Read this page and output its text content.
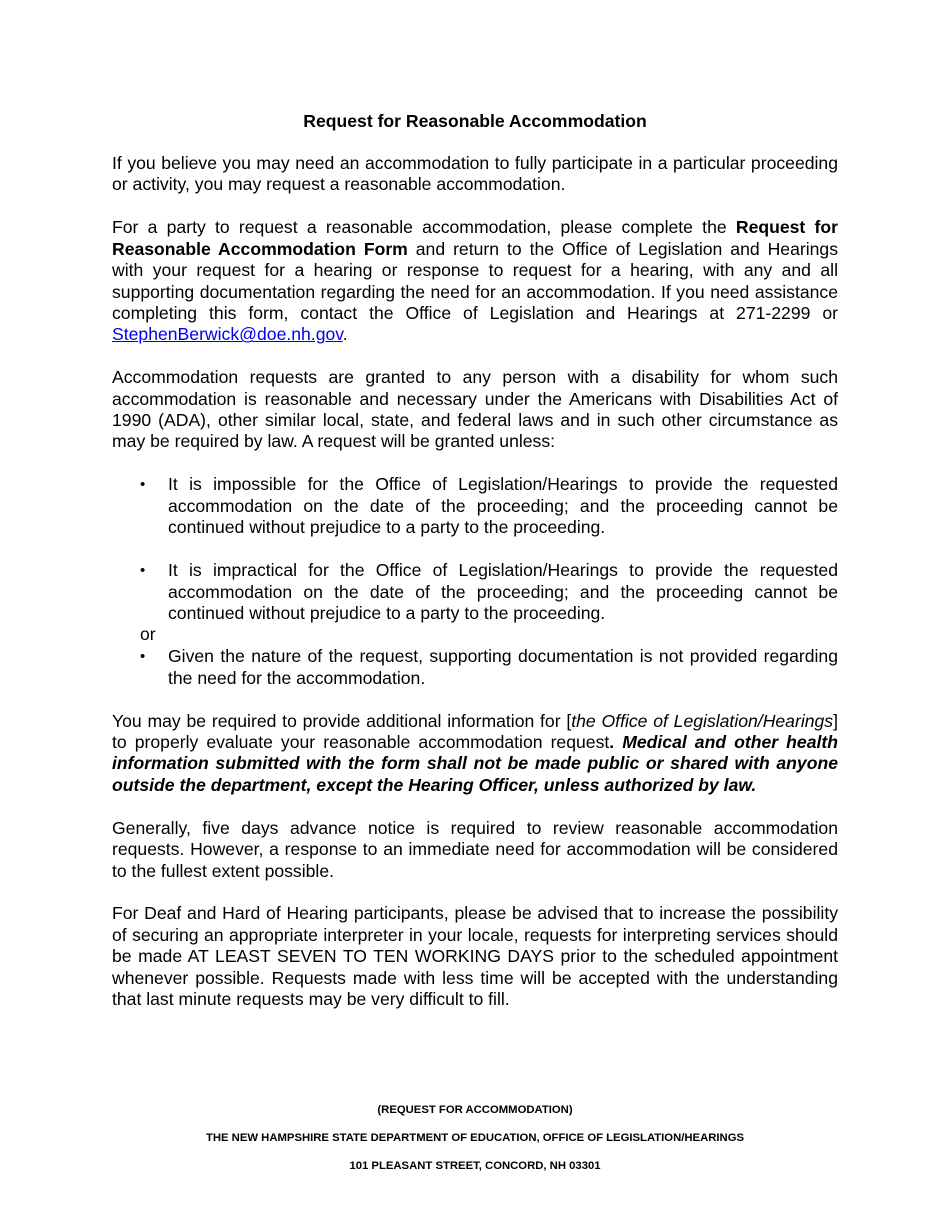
Request for Reasonable Accommodation

If you believe you may need an accommodation to fully participate in a particular proceeding or activity, you may request a reasonable accommodation.

For a party to request a reasonable accommodation, please complete the Request for Reasonable Accommodation Form and return to the Office of Legislation and Hearings with your request for a hearing or response to request for a hearing, with any and all supporting documentation regarding the need for an accommodation. If you need assistance completing this form, contact the Office of Legislation and Hearings at 271-2299 or StephenBerwick@doe.nh.gov.

Accommodation requests are granted to any person with a disability for whom such accommodation is reasonable and necessary under the Americans with Disabilities Act of 1990 (ADA), other similar local, state, and federal laws and in such other circumstance as may be required by law. A request will be granted unless:

• It is impossible for the Office of Legislation/Hearings to provide the requested accommodation on the date of the proceeding; and the proceeding cannot be continued without prejudice to a party to the proceeding.
• It is impractical for the Office of Legislation/Hearings to provide the requested accommodation on the date of the proceeding; and the proceeding cannot be continued without prejudice to a party to the proceeding.
or
• Given the nature of the request, supporting documentation is not provided regarding the need for the accommodation.

You may be required to provide additional information for [the Office of Legislation/Hearings] to properly evaluate your reasonable accommodation request. Medical and other health information submitted with the form shall not be made public or shared with anyone outside the department, except the Hearing Officer, unless authorized by law.

Generally, five days advance notice is required to review reasonable accommodation requests. However, a response to an immediate need for accommodation will be considered to the fullest extent possible.

For Deaf and Hard of Hearing participants, please be advised that to increase the possibility of securing an appropriate interpreter in your locale, requests for interpreting services should be made AT LEAST SEVEN TO TEN WORKING DAYS prior to the scheduled appointment whenever possible. Requests made with less time will be accepted with the understanding that last minute requests may be very difficult to fill.

(REQUEST FOR ACCOMMODATION)
THE NEW HAMPSHIRE STATE DEPARTMENT OF EDUCATION, OFFICE OF LEGISLATION/HEARINGS
101 PLEASANT STREET, CONCORD, NH 03301
